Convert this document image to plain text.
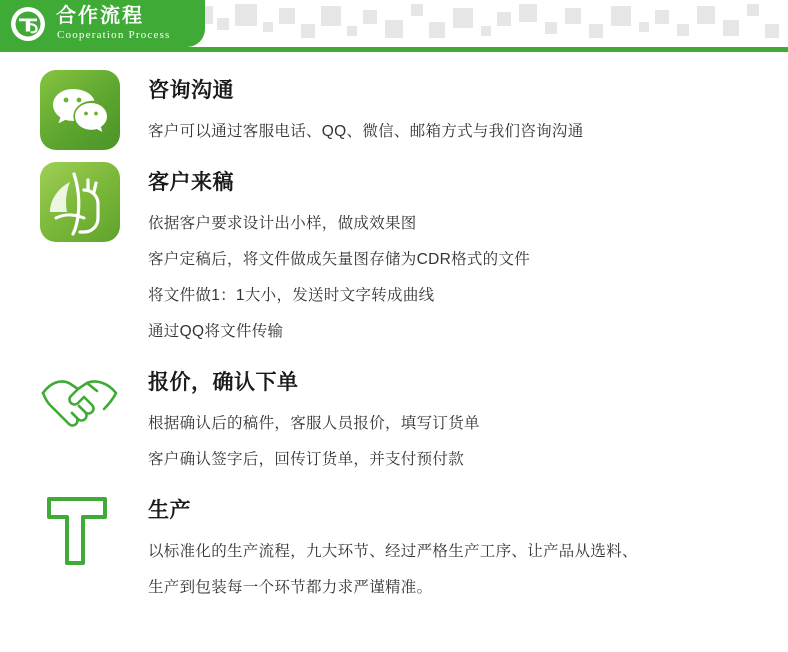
合作流程
Cooperation Process
咨询沟通

客户可以通过客服电话、QQ、微信、邮箱方式与我们咨询沟通

客户来稿

依据客户要求设计出小样，做成效果图

客户定稿后，将文件做成矢量图存储为CDR格式的文件

将文件做1：1大小，发送时文字转成曲线

通过QQ将文件传输

报价，确认下单

根据确认后的稿件，客服人员报价，填写订货单

客户确认签字后，回传订货单，并支付预付款

生产

以标准化的生产流程，九大环节、经过严格生产工序、让产品从选料、

生产到包装每一个环节都力求严谨精准。
